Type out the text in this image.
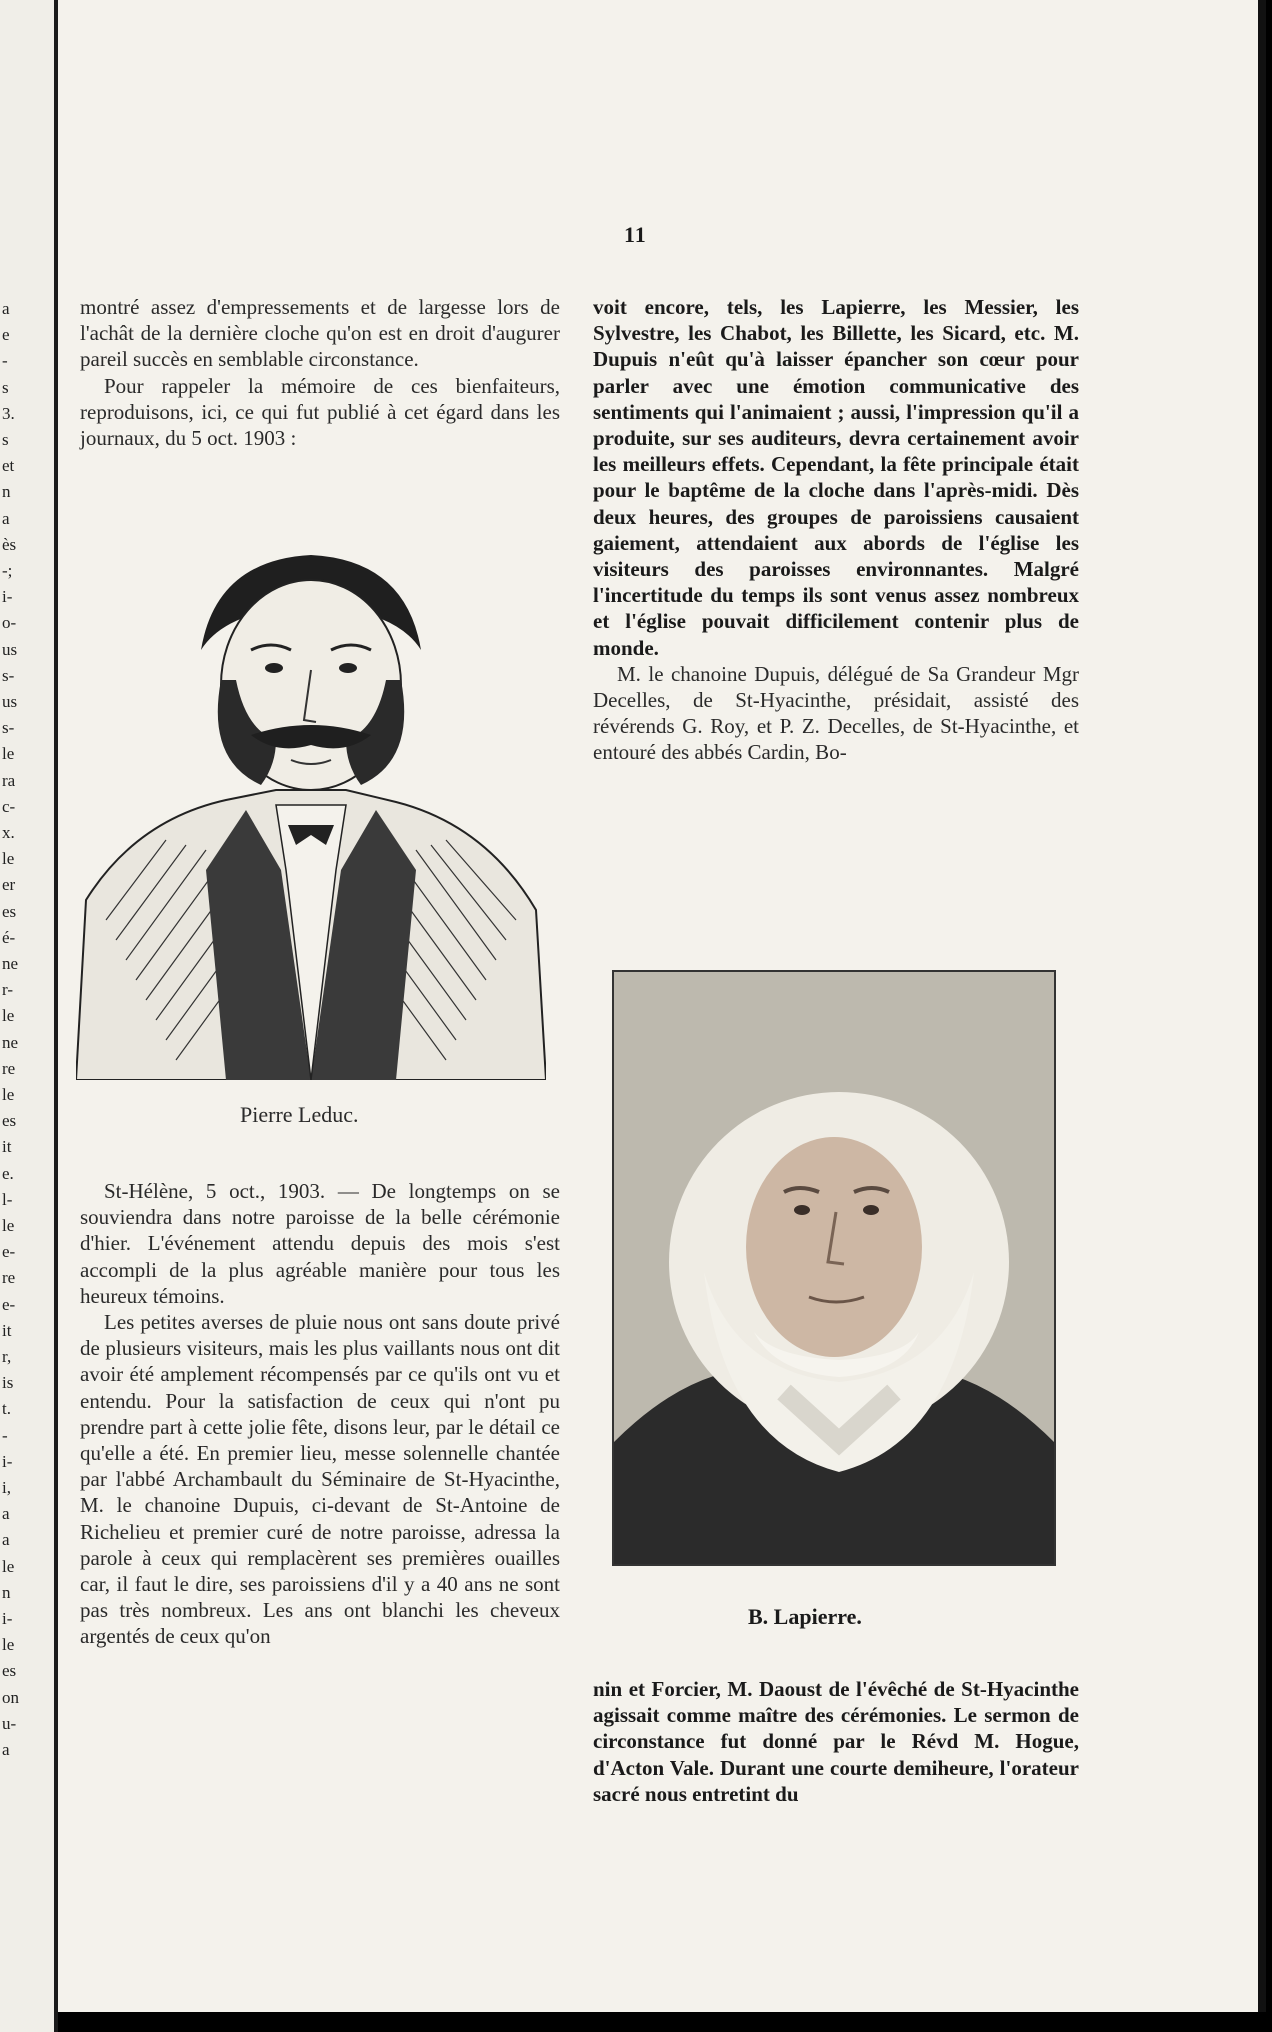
a
e
-
s
3.
s
et
n
a
ès
-;
i-
o-
us
s-
us
s-
le
ra
c-
x.
le
er
es
é-
ne
r-
le
ne
re
le
es
it
e.
l-
le
e-
re
e-
it
r,
is
t.
-
i-
i,
a
a
le
n
i-
le
es
on
u-
a
11

montré assez d'empressements et de largesse lors de l'achât de la dernière cloche qu'on est en droit d'augurer pareil succès en semblable circonstance.

Pour rappeler la mémoire de ces bienfaiteurs, reproduisons, ici, ce qui fut publié à cet égard dans les journaux, du 5 oct. 1903 :

Pierre Leduc.

St-Hélène, 5 oct., 1903. — De longtemps on se souviendra dans notre paroisse de la belle cérémonie d'hier. L'événement attendu depuis des mois s'est accompli de la plus agréable manière pour tous les heureux témoins.

Les petites averses de pluie nous ont sans doute privé de plusieurs visiteurs, mais les plus vaillants nous ont dit avoir été amplement récompensés par ce qu'ils ont vu et entendu. Pour la satisfaction de ceux qui n'ont pu prendre part à cette jolie fête, disons leur, par le détail ce qu'elle a été. En premier lieu, messe solennelle chantée par l'abbé Archambault du Séminaire de St-Hyacinthe, M. le chanoine Dupuis, ci-devant de St-Antoine de Richelieu et premier curé de notre paroisse, adressa la parole à ceux qui remplacèrent ses premières ouailles car, il faut le dire, ses paroissiens d'il y a 40 ans ne sont pas très nombreux. Les ans ont blanchi les cheveux argentés de ceux qu'on

voit encore, tels, les Lapierre, les Messier, les Sylvestre, les Chabot, les Billette, les Sicard, etc. M. Dupuis n'eût qu'à laisser épancher son cœur pour parler avec une émotion communicative des sentiments qui l'animaient ; aussi, l'impression qu'il a produite, sur ses auditeurs, devra certainement avoir les meilleurs effets. Cependant, la fête principale était pour le baptême de la cloche dans l'après-midi. Dès deux heures, des groupes de paroissiens causaient gaiement, attendaient aux abords de l'église les visiteurs des paroisses environnantes. Malgré l'incertitude du temps ils sont venus assez nombreux et l'église pouvait difficilement contenir plus de monde.

M. le chanoine Dupuis, délégué de Sa Grandeur Mgr Decelles, de St-Hyacinthe, présidait, assisté des révérends G. Roy, et P. Z. Decelles, de St-Hyacinthe, et entouré des abbés Cardin, Bo-

B. Lapierre.

nin et Forcier, M. Daoust de l'évêché de St-Hyacinthe agissait comme maître des cérémonies. Le sermon de circonstance fut donné par le Révd M. Hogue, d'Acton Vale. Durant une courte demiheure, l'orateur sacré nous entretint du
